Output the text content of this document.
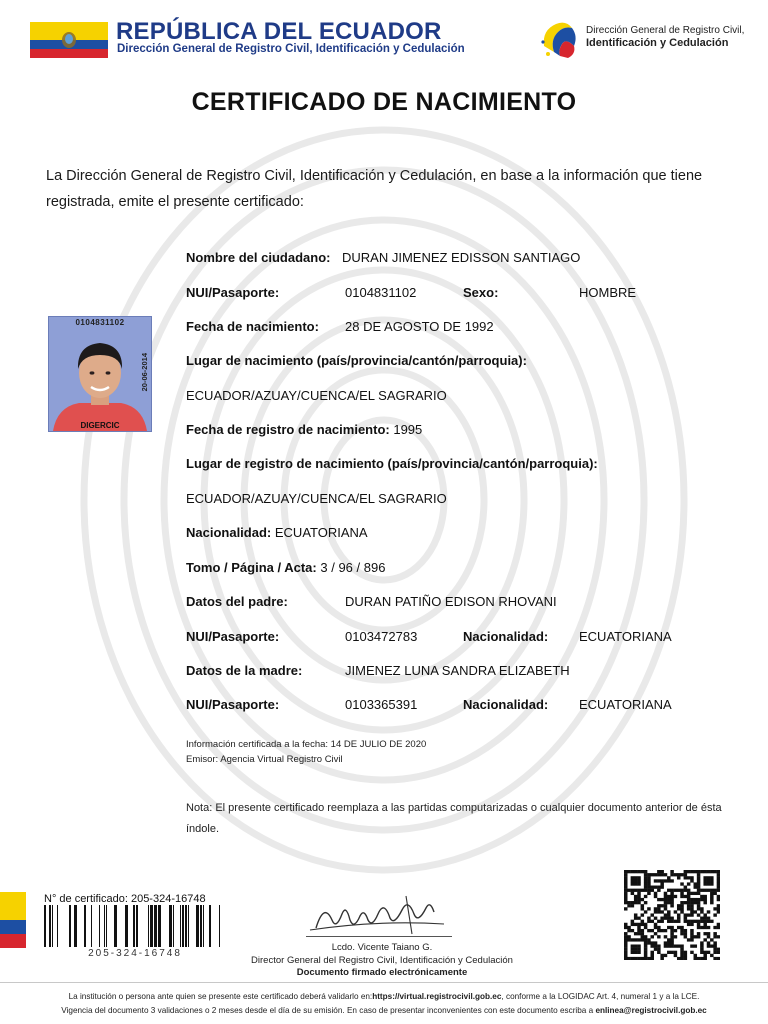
REPÚBLICA DEL ECUADOR
Dirección General de Registro Civil, Identificación y Cedulación
Dirección General de Registro Civil,
Identificación y Cedulación
CERTIFICADO DE NACIMIENTO
La Dirección General de Registro Civil, Identificación y Cedulación, en base a la información que tiene registrada, emite el presente certificado:
0104831102
20-06-2014
DIGERCIC
Nombre del ciudadano: DURAN JIMENEZ EDISSON SANTIAGO
NUI/Pasaporte:	0104831102	Sexo:	HOMBRE
Fecha de nacimiento: 28 DE AGOSTO DE 1992
Lugar de nacimiento (país/provincia/cantón/parroquia):
ECUADOR/AZUAY/CUENCA/EL SAGRARIO
Fecha de registro de nacimiento: 1995
Lugar de registro de nacimiento (país/provincia/cantón/parroquia):
ECUADOR/AZUAY/CUENCA/EL SAGRARIO
Nacionalidad: ECUATORIANA
Tomo / Página / Acta: 3 / 96 / 896
Datos del padre:	DURAN PATIÑO EDISON RHOVANI
NUI/Pasaporte:	0103472783	Nacionalidad: ECUATORIANA
Datos de la madre:	JIMENEZ LUNA SANDRA ELIZABETH
NUI/Pasaporte:	0103365391	Nacionalidad: ECUATORIANA
Información certificada a la fecha: 14 DE JULIO DE 2020
Emisor: Agencia Virtual Registro Civil
Nota: El presente certificado reemplaza a las partidas computarizadas o cualquier documento anterior de ésta índole.
N° de certificado: 205-324-16748
205-324-16748
Lcdo. Vicente Taiano G.
Director General del Registro Civil, Identificación y Cedulación
Documento firmado electrónicamente
La institución o persona ante quien se presente este certificado deberá validarlo en:https://virtual.registrocivil.gob.ec, conforme a la LOGIDAC Art. 4, numeral 1 y a la LCE.
Vigencia del documento 3 validaciones o 2 meses desde el día de su emisión. En caso de presentar inconvenientes con este documento escriba a enlinea@registrocivil.gob.ec
